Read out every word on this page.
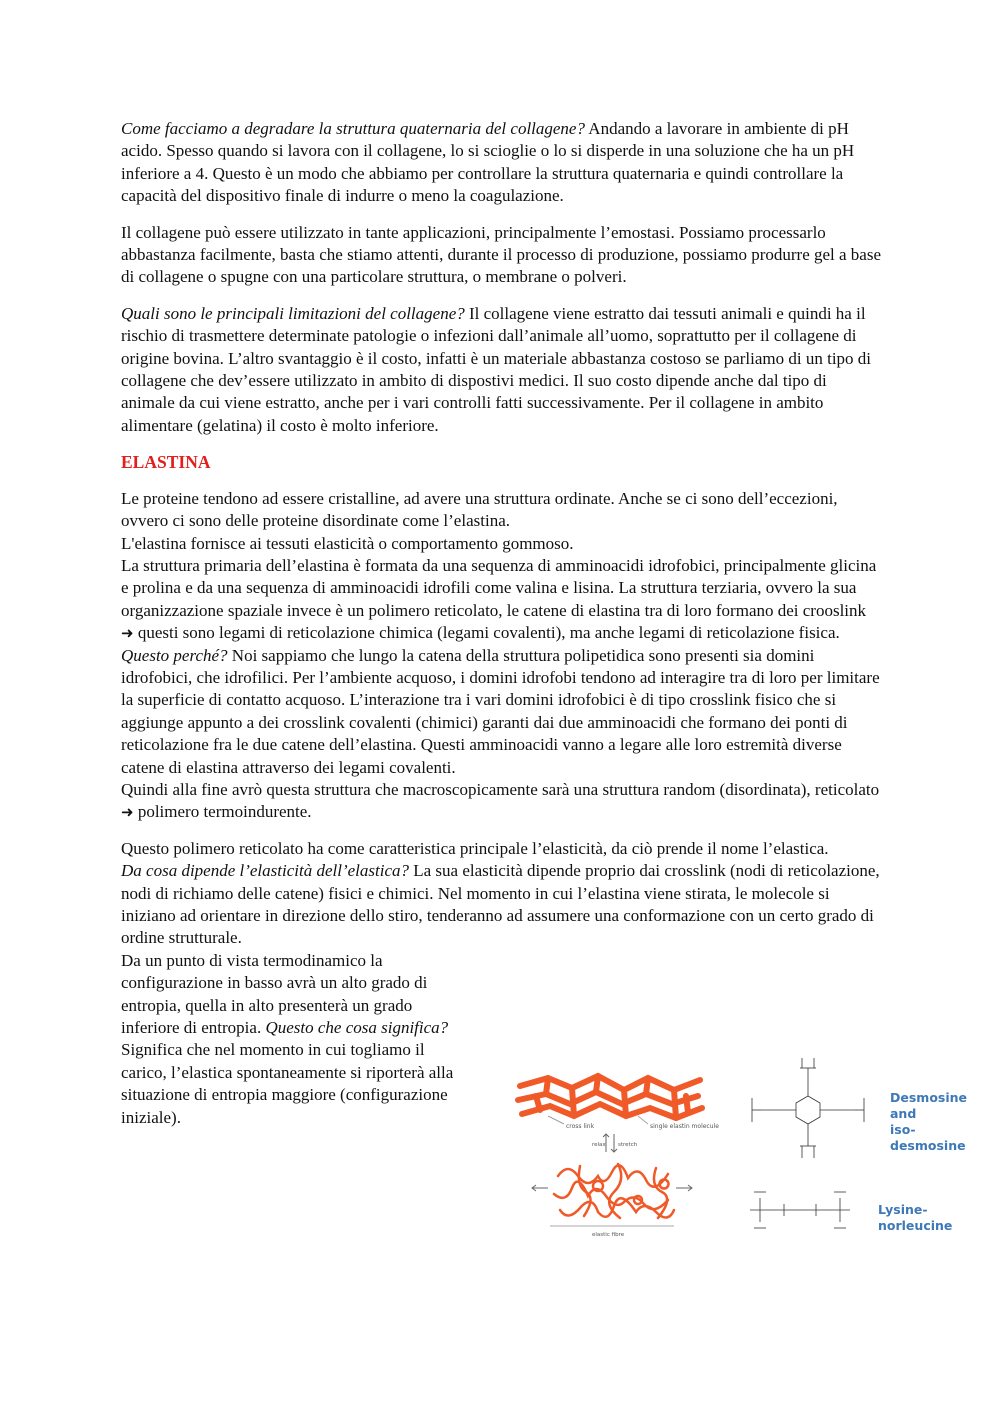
Come facciamo a degradare la struttura quaternaria del collagene? Andando a lavorare in ambiente di pH acido. Spesso quando si lavora con il collagene, lo si scioglie o lo si disperde in una soluzione che ha un pH inferiore a 4. Questo è un modo che abbiamo per controllare la struttura quaternaria e quindi controllare la capacità del dispositivo finale di indurre o meno la coagulazione.

Il collagene può essere utilizzato in tante applicazioni, principalmente l’emostasi. Possiamo processarlo abbastanza facilmente, basta che stiamo attenti, durante il processo di produzione, possiamo produrre gel a base di collagene o spugne con una particolare struttura, o membrane o polveri.

Quali sono le principali limitazioni del collagene? Il collagene viene estratto dai tessuti animali e quindi ha il rischio di trasmettere determinate patologie o infezioni dall’animale all’uomo, soprattutto per il collagene di origine bovina. L’altro svantaggio è il costo, infatti è un materiale abbastanza costoso se parliamo di un tipo di collagene che dev’essere utilizzato in ambito di dispostivi medici. Il suo costo dipende anche dal tipo di animale da cui viene estratto, anche per i vari controlli fatti successivamente. Per il collagene in ambito alimentare (gelatina) il costo è molto inferiore.

ELASTINA

Le proteine tendono ad essere cristalline, ad avere una struttura ordinate. Anche se ci sono dell’eccezioni, ovvero ci sono delle proteine disordinate come l’elastina.
L'elastina fornisce ai tessuti elasticità o comportamento gommoso.
La struttura primaria dell’elastina è formata da una sequenza di amminoacidi idrofobici, principalmente glicina e prolina e da una sequenza di amminoacidi idrofili come valina e lisina. La struttura terziaria, ovvero la sua organizzazione spaziale invece è un polimero reticolato, le catene di elastina tra di loro formano dei crooslink ➜ questi sono legami di reticolazione chimica (legami covalenti), ma anche legami di reticolazione fisica. Questo perché? Noi sappiamo che lungo la catena della struttura polipetidica sono presenti sia domini idrofobici, che idrofilici. Per l’ambiente acquoso, i domini idrofobi tendono ad interagire tra di loro per limitare la superficie di contatto acquoso. L’interazione tra i vari domini idrofobici è di tipo crosslink fisico che si aggiunge appunto a dei crosslink covalenti (chimici) garanti dai due amminoacidi che formano dei ponti di reticolazione fra le due catene dell’elastina. Questi amminoacidi vanno a legare alle loro estremità diverse catene di elastina attraverso dei legami covalenti.
Quindi alla fine avrò questa struttura che macroscopicamente sarà una struttura random (disordinata), reticolato ➜ polimero termoindurente.

Questo polimero reticolato ha come caratteristica principale l’elasticità, da ciò prende il nome l’elastica.
Da cosa dipende l’elasticità dell’elastica? La sua elasticità dipende proprio dai crosslink (nodi di reticolazione, nodi di richiamo delle catene) fisici e chimici. Nel momento in cui l’elastina viene stirata, le molecole si iniziano ad orientare in direzione dello stiro, tenderanno ad assumere una conformazione con un certo grado di ordine strutturale.

Da un punto di vista termodinamico la configurazione in basso avrà un alto grado di entropia, quella in alto presenterà un grado inferiore di entropia. Questo che cosa significa? Significa che nel momento in cui togliamo il carico, l’elastica spontaneamente si riporterà alla situazione di entropia maggiore (configurazione iniziale).	cross link	single elastin molecule
relax stretch
elastic fibre
Desmosine and
iso-desmosine
Lysine-norleucine
